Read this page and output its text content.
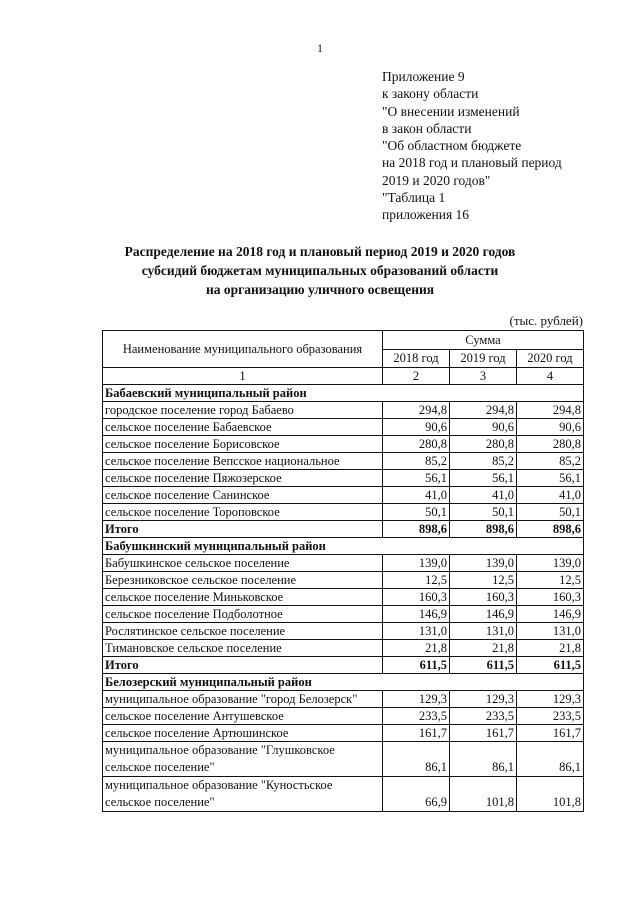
1
Приложение 9
к закону области
"О внесении изменений
в закон области
"Об областном бюджете
на 2018 год и плановый период
2019 и 2020 годов"
"Таблица 1
приложения 16
Распределение на 2018 год и плановый период 2019 и 2020 годов
субсидий бюджетам муниципальных образований области
на организацию уличного освещения
(тыс. рублей)
Наименование муниципального образования	Сумма		
	2018 год	2019 год	2020 год
1	2	3	4
Бабаевский муниципальный район			
городское поселение город Бабаево	294,8	294,8	294,8
сельское поселение Бабаевское	90,6	90,6	90,6
сельское поселение Борисовское	280,8	280,8	280,8
сельское поселение Вепсское национальное	85,2	85,2	85,2
сельское поселение Пяжозерское	56,1	56,1	56,1
сельское поселение Санинское	41,0	41,0	41,0
сельское поселение Тороповское	50,1	50,1	50,1
Итого	898,6	898,6	898,6
Бабушкинский муниципальный район			
Бабушкинское сельское поселение	139,0	139,0	139,0
Березниковское сельское поселение	12,5	12,5	12,5
сельское поселение Миньковское	160,3	160,3	160,3
сельское поселение Подболотное	146,9	146,9	146,9
Рослятинское сельское поселение	131,0	131,0	131,0
Тимановское сельское поселение	21,8	21,8	21,8
Итого	611,5	611,5	611,5
Белозерский муниципальный район			
муниципальное образование "город Белозерск"	129,3	129,3	129,3
сельское поселение Антушевское	233,5	233,5	233,5
сельское поселение Артюшинское	161,7	161,7	161,7
муниципальное образование "Глушковское сельское поселение"	86,1	86,1	86,1
муниципальное образование "Куностьское сельское поселение"	66,9	101,8	101,8
